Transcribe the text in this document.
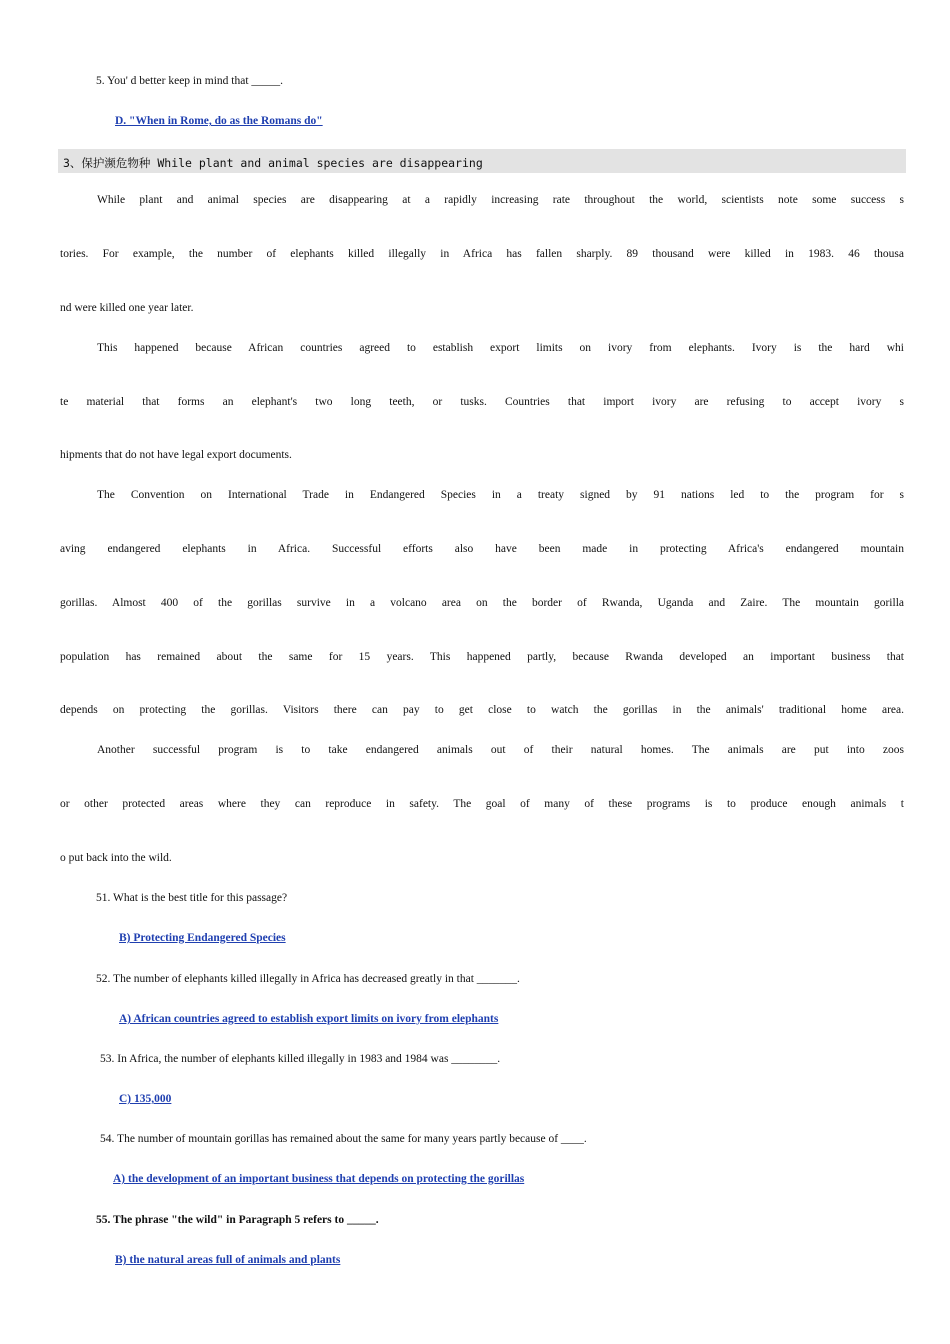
5. You' d better keep in mind that _____.
D. "When in Rome, do as the Romans do"
3、保护濒危物种 While plant and animal species are disappearing
While plant and animal species are disappearing at a rapidly increasing rate throughout the world, scientists note some success s
tories. For example, the number of elephants killed illegally in Africa has fallen sharply. 89 thousand were killed in 1983. 46 thousa
nd were killed one year later.
This happened because African countries agreed to establish export limits on ivory from elephants. Ivory is the hard whi
te material that forms an elephant's two long teeth, or tusks. Countries that import ivory are refusing to accept ivory s
hipments that do not have legal export documents.
The Convention on International Trade in Endangered Species in a treaty signed by 91 nations led to the program for s
aving endangered elephants in Africa. Successful efforts also have been made in protecting Africa's endangered mountain
gorillas. Almost 400 of the gorillas survive in a volcano area on the border of Rwanda, Uganda and Zaire. The mountain gorilla
population has remained about the same for 15 years. This happened partly, because Rwanda developed an important business that
depends on protecting the gorillas. Visitors there can pay to get close to watch the gorillas in the animals' traditional home area.
Another successful program is to take endangered animals out of their natural homes. The animals are put into zoos
or other protected areas where they can reproduce in safety. The goal of many of these programs is to produce enough animals t
o put back into the wild.
51. What is the best title for this passage?
B) Protecting Endangered Species
52. The number of elephants killed illegally in Africa has decreased greatly in that _______.
A) African countries agreed to establish export limits on ivory from elephants
53. In Africa, the number of elephants killed illegally in 1983 and 1984 was ________.
C) 135,000
54. The number of mountain gorillas has remained about the same for many years partly because of ____.
A) the development of an important business that depends on protecting the gorillas
55. The phrase "the wild" in Paragraph 5 refers to _____.
B) the natural areas full of animals and plants
